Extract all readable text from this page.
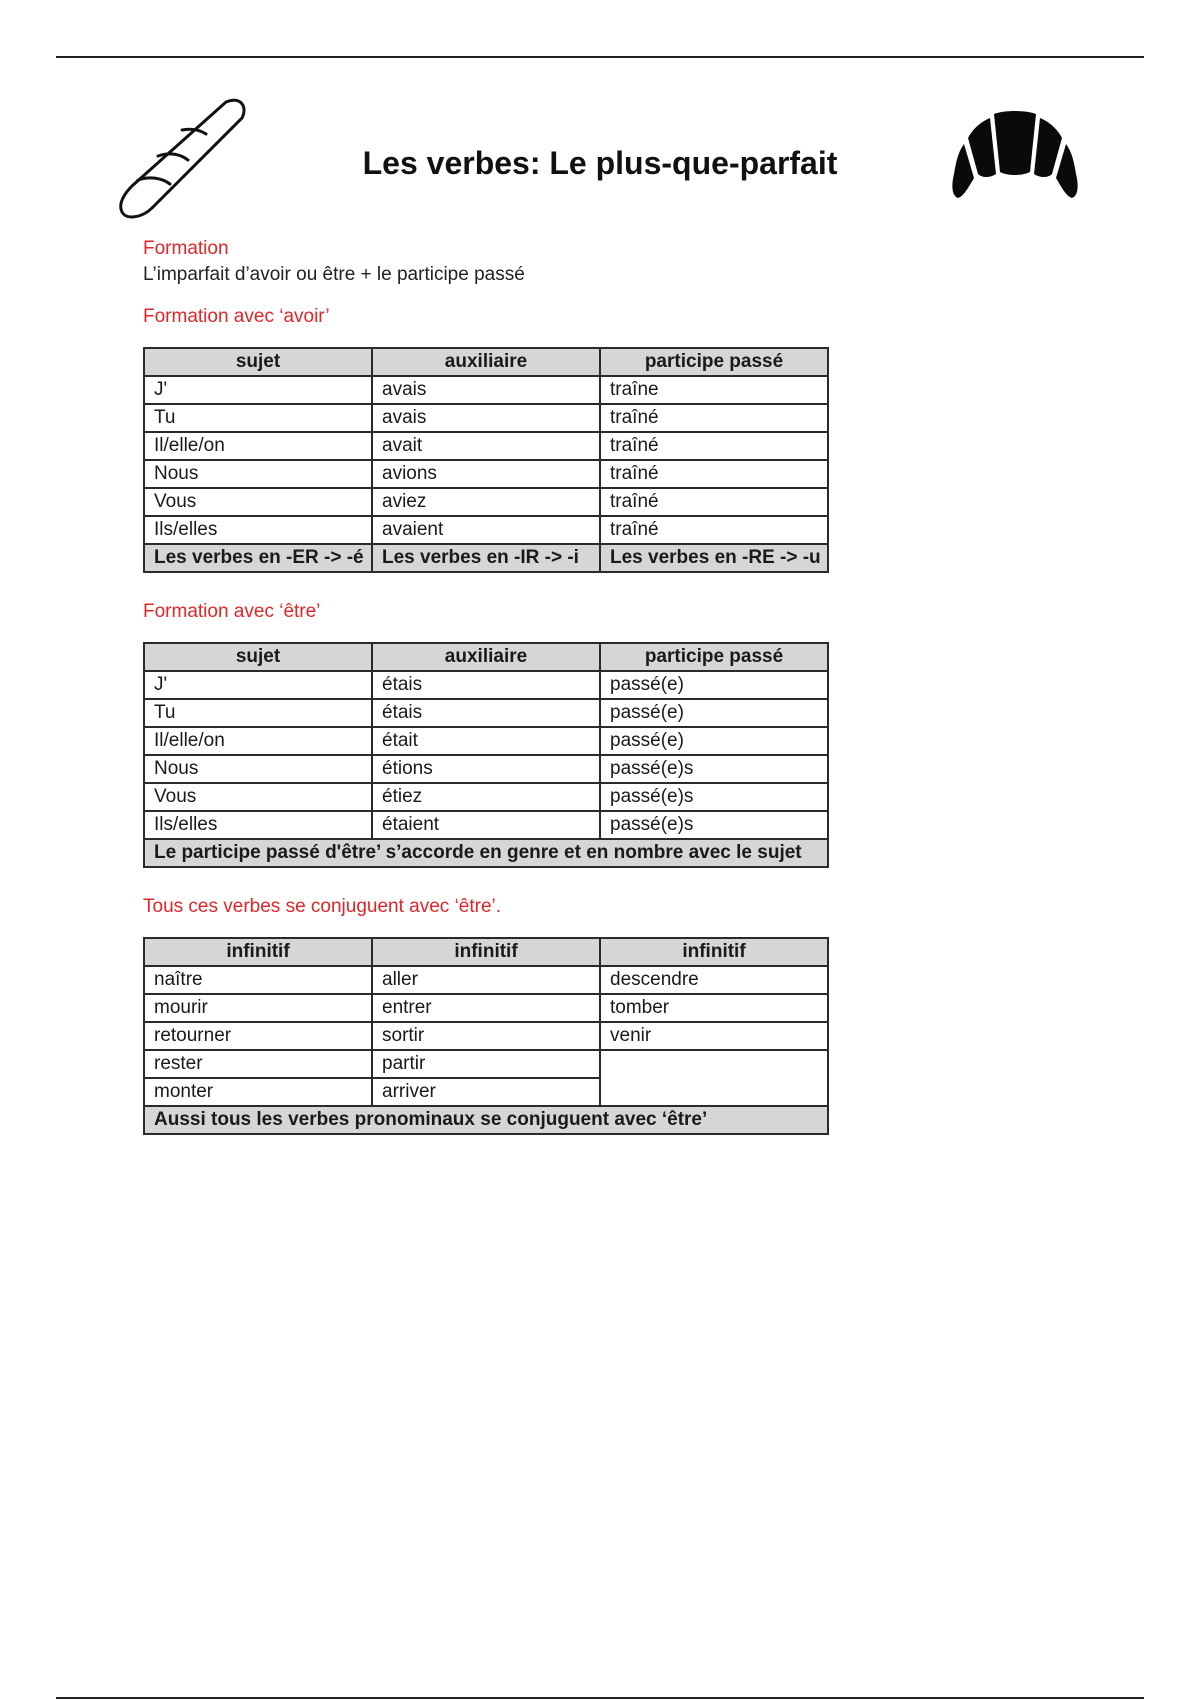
Les verbes: Le plus-que-parfait
Formation
L’imparfait d’avoir ou être + le participe passé
Formation avec ‘avoir’
sujet	auxiliaire	participe passé
J'	avais	traîne
Tu	avais	traîné
Il/elle/on	avait	traîné
Nous	avions	traîné
Vous	aviez	traîné
Ils/elles	avaient	traîné
Les verbes en -ER -> -é	Les verbes en -IR -> -i	Les verbes en -RE -> -u
Formation avec ‘être’
sujet	auxiliaire	participe passé
J'	étais	passé(e)
Tu	étais	passé(e)
Il/elle/on	était	passé(e)
Nous	étions	passé(e)s
Vous	étiez	passé(e)s
Ils/elles	étaient	passé(e)s
Le participe passé d'être’ s’accorde en genre et en nombre avec le sujet		
Tous ces verbes se conjuguent avec ‘être’.
infinitif	infinitif	infinitif
naître	aller	descendre
mourir	entrer	tomber
retourner	sortir	venir
rester	partir	
monter	arriver	
Aussi tous les verbes pronominaux se conjuguent avec ‘être’		
